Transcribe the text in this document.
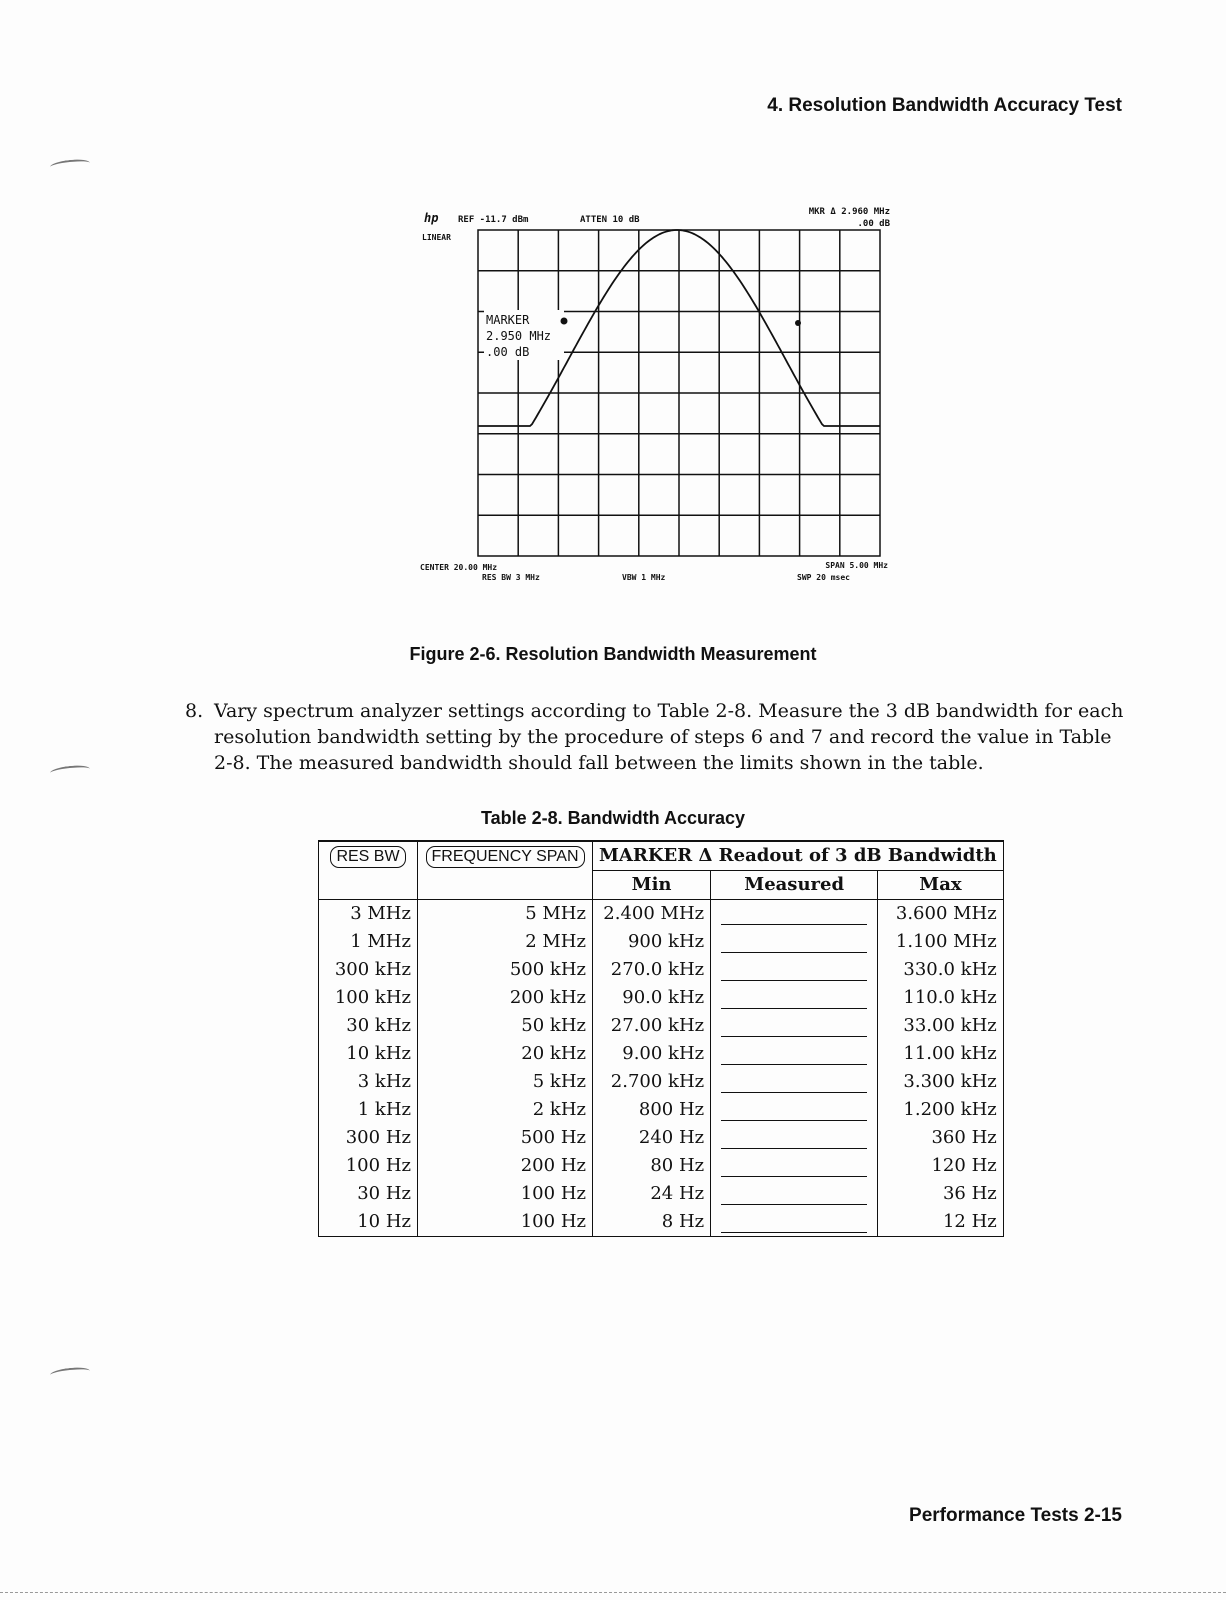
4. Resolution Bandwidth Accuracy Test
hp REF -11.7 dBm	ATTEN 10 dB
MKR Δ 2.960 MHz
.00 dB
LINEAR
CENTER 20.00 MHz
RES BW 3 MHz	VBW 1 MHz
SPAN 5.00 MHz
SWP 20 msec
MARKER
2.950 MHz
.00 dB
Figure 2-6. Resolution Bandwidth Measurement
8. Vary spectrum analyzer settings according to Table 2-8. Measure the 3 dB bandwidth for each resolution bandwidth setting by the procedure of steps 6 and 7 and record the value in Table 2-8. The measured bandwidth should fall between the limits shown in the table.
Table 2-8. Bandwidth Accuracy
RES BW	FREQUENCY SPAN	MARKER Δ Readout of 3 dB Bandwidth		
		Min	Measured	Max
3 MHz	5 MHz	2.400 MHz		3.600 MHz
1 MHz	2 MHz	900 kHz		1.100 MHz
300 kHz	500 kHz	270.0 kHz		330.0 kHz
100 kHz	200 kHz	90.0 kHz		110.0 kHz
30 kHz	50 kHz	27.00 kHz		33.00 kHz
10 kHz	20 kHz	9.00 kHz		11.00 kHz
3 kHz	5 kHz	2.700 kHz		3.300 kHz
1 kHz	2 kHz	800 Hz		1.200 kHz
300 Hz	500 Hz	240 Hz		360 Hz
100 Hz	200 Hz	80 Hz		120 Hz
30 Hz	100 Hz	24 Hz		36 Hz
10 Hz	100 Hz	8 Hz		12 Hz
Performance Tests 2-15
